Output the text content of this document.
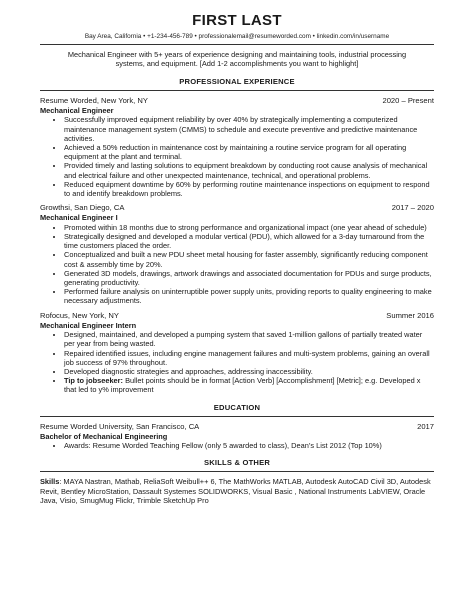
FIRST LAST
Bay Area, California • +1-234-456-789 • professionalemail@resumeworded.com • linkedin.com/in/username
Mechanical Engineer with 5+ years of experience designing and maintaining tools, industrial processing systems, and equipment. [Add 1-2 accomplishments you want to highlight]
PROFESSIONAL EXPERIENCE
Resume Worded, New York, NY	2020 – Present
Mechanical Engineer
• Successfully improved equipment reliability by over 40% by strategically implementing a computerized maintenance management system (CMMS) to schedule and execute preventive and predictive maintenance activities.
• Achieved a 50% reduction in maintenance cost by maintaining a routine service program for all operating equipment at the plant and terminal.
• Provided timely and lasting solutions to equipment breakdown by conducting root cause analysis of mechanical and electrical failure and other unexpected maintenance, technical, and operational problems.
• Reduced equipment downtime by 60% by performing routine maintenance inspections on equipment to respond to and identify breakdown problems.
Growthsi, San Diego, CA	2017 – 2020
Mechanical Engineer I
• Promoted within 18 months due to strong performance and organizational impact (one year ahead of schedule)
• Strategically designed and developed a modular vertical (PDU), which allowed for a 3-day turnaround from the time customers placed the order.
• Conceptualized and built a new PDU sheet metal housing for faster assembly, significantly reducing component cost & assembly time by 20%.
• Generated 3D models, drawings, artwork drawings and associated documentation for PDUs and surge products, generating productivity.
• Performed failure analysis on uninterruptible power supply units, providing reports to quality engineering to make necessary adjustments.
Rofocus, New York, NY	Summer 2016
Mechanical Engineer Intern
• Designed, maintained, and developed a pumping system that saved 1-million gallons of partially treated water per year from being wasted.
• Repaired identified issues, including engine management failures and multi-system problems, gaining an overall job success of 97% throughout.
• Developed diagnostic strategies and approaches, addressing inaccessibility.
• Tip to jobseeker: Bullet points should be in format [Action Verb] [Accomplishment] [Metric]; e.g. Developed x that led to y% improvement
EDUCATION
Resume Worded University, San Francisco, CA	2017
Bachelor of Mechanical Engineering
• Awards: Resume Worded Teaching Fellow (only 5 awarded to class), Dean’s List 2012 (Top 10%)
SKILLS & OTHER
Skills: MAYA Nastran, Mathab, ReliaSoft Weibull++ 6, The MathWorks MATLAB, Autodesk AutoCAD Civil 3D, Autodesk Revit, Bentley MicroStation, Dassault Systemes SOLIDWORKS, Visual Basic , National Instruments LabVIEW, Oracle Java, Visio, SmugMug Flickr, Trimble SketchUp Pro
